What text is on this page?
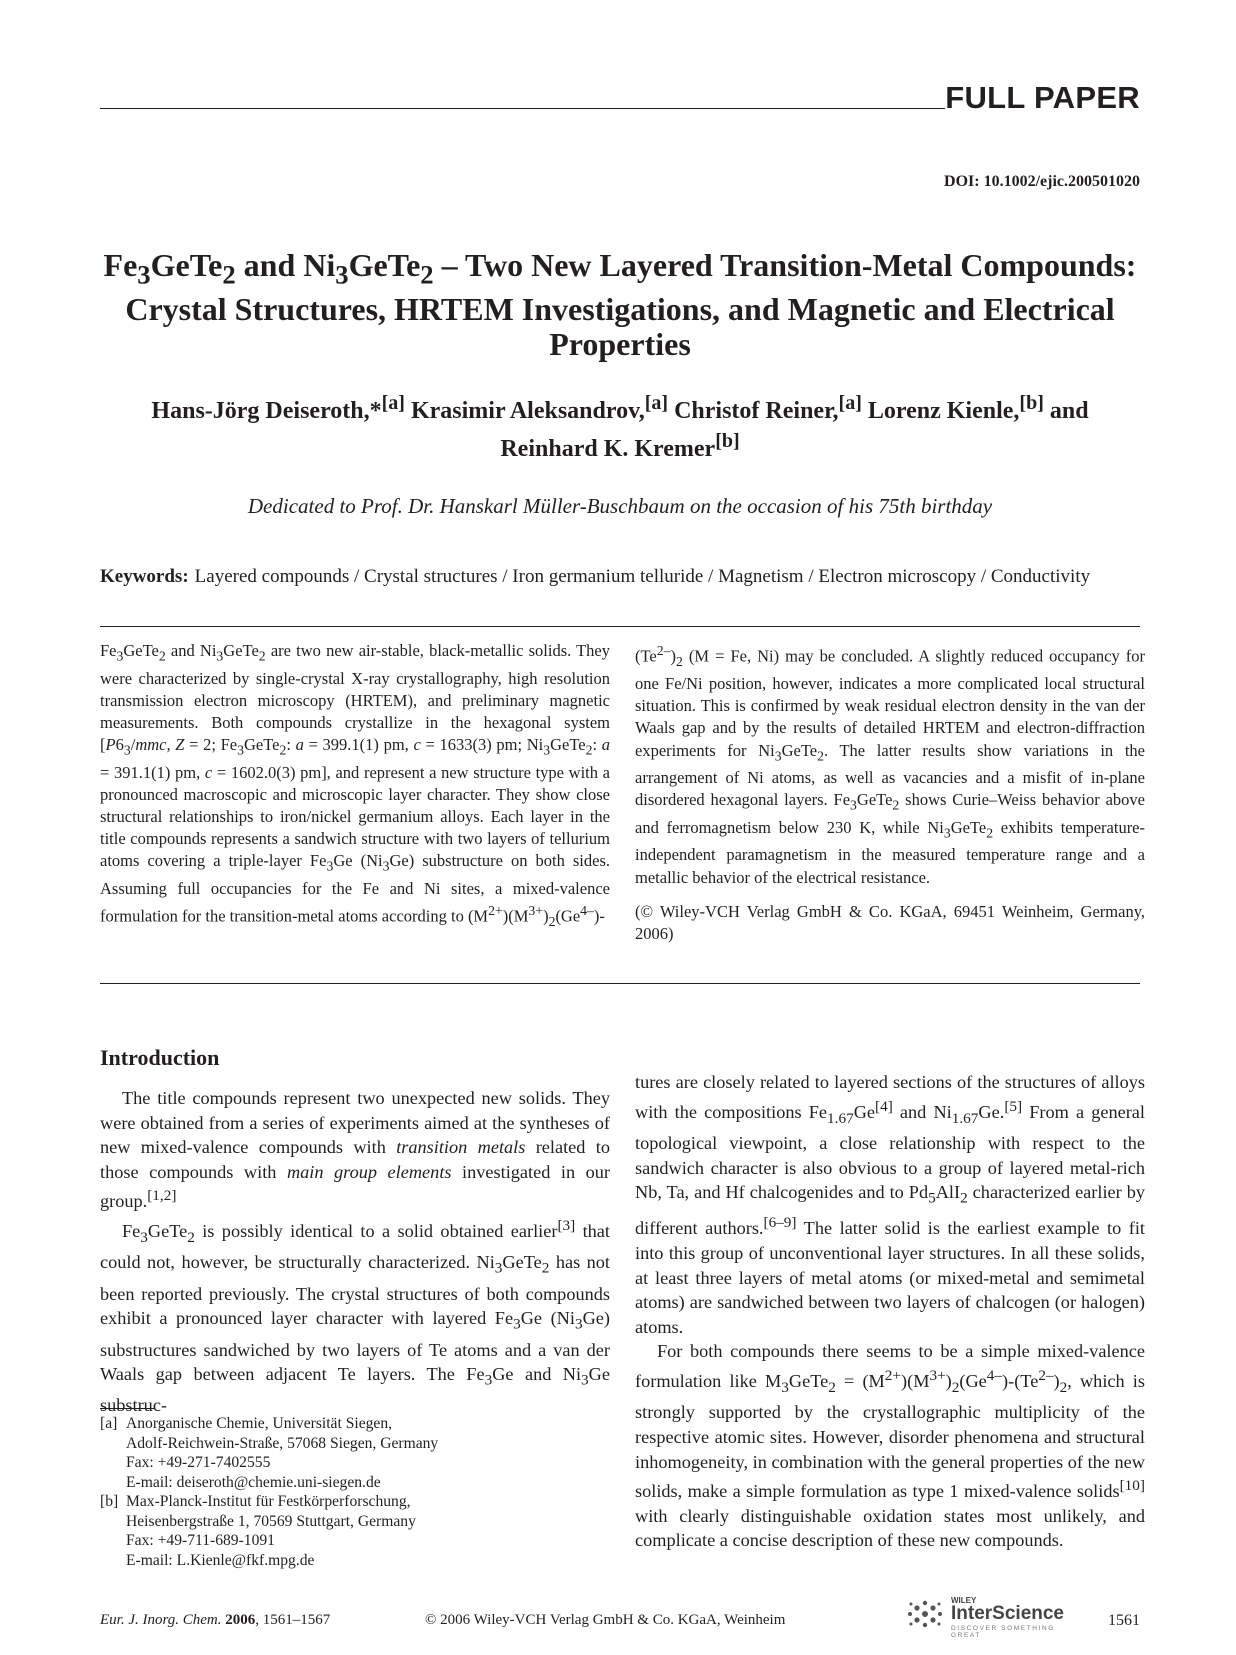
FULL PAPER
DOI: 10.1002/ejic.200501020
$Fe_3GeTe_2$ and $Ni_3GeTe_2$ – Two New Layered Transition-Metal Compounds: Crystal Structures, HRTEM Investigations, and Magnetic and Electrical Properties
Hans-Jörg Deiseroth,*[a] Krasimir Aleksandrov,[a] Christof Reiner,[a] Lorenz Kienle,[b] and
Reinhard K. Kremer[b]
Dedicated to Prof. Dr. Hanskarl Müller-Buschbaum on the occasion of his 75th birthday
Keywords: Layered compounds / Crystal structures / Iron germanium telluride / Magnetism / Electron microscopy / Conductivity
$Fe_3GeTe_2$ and $Ni_3GeTe_2$ are two new air-stable, black-metallic solids. They were characterized by single-crystal X-ray crystallography, high resolution transmission electron microscopy (HRTEM), and preliminary magnetic measurements. Both compounds crystallize in the hexagonal system [$P6_3$/mmc, Z = 2; $Fe_3GeTe_2$: a = 399.1(1) pm, c = 1633(3) pm; $Ni_3GeTe_2$: a = 391.1(1) pm, c = 1602.0(3) pm], and represent a new structure type with a pronounced macroscopic and microscopic layer character. They show close structural relationships to iron/nickel germanium alloys. Each layer in the title compounds represents a sandwich structure with two layers of tellurium atoms covering a triple-layer $Fe_3Ge$ $(Ni_3Ge)$ substructure on both sides. Assuming full occupancies for the Fe and Ni sites, a mixed-valence formulation for the transition-metal atoms according to $(M^{2+})(M^{3+})_2(Ge^{4-})-$

$(Te^{2-})_2$ (M = Fe, Ni) may be concluded. A slightly reduced occupancy for one Fe/Ni position, however, indicates a more complicated local structural situation. This is confirmed by weak residual electron density in the van der Waals gap and by the results of detailed HRTEM and electron-diffraction experiments for $Ni_3GeTe_2$. The latter results show variations in the arrangement of Ni atoms, as well as vacancies and a misfit of in-plane disordered hexagonal layers. $Fe_3GeTe_2$ shows Curie–Weiss behavior above and ferromagnetism below 230 K, while $Ni_3GeTe_2$ exhibits temperature-independent paramagnetism in the measured temperature range and a metallic behavior of the electrical resistance.

(© Wiley-VCH Verlag GmbH & Co. KGaA, 69451 Weinheim, Germany, 2006)

Introduction

The title compounds represent two unexpected new solids. They were obtained from a series of experiments aimed at the syntheses of new mixed-valence compounds with transition metals related to those compounds with main group elements investigated in our group.[1,2]

$Fe_3GeTe_2$ is possibly identical to a solid obtained earlier[3] that could not, however, be structurally characterized. $Ni_3GeTe_2$ has not been reported previously. The crystal structures of both compounds exhibit a pronounced layer character with layered $Fe_3Ge$ $(Ni_3Ge)$ substructures sandwiched by two layers of Te atoms and a van der Waals gap between adjacent Te layers. The $Fe_3Ge$ and $Ni_3Ge$ substruc-

tures are closely related to layered sections of the structures of alloys with the compositions $Fe_{1.67}Ge[4]$ and $Ni_{1.67}Ge.[5]$ From a general topological viewpoint, a close relationship with respect to the sandwich character is also obvious to a group of layered metal-rich Nb, Ta, and Hf chalcogenides and to $Pd_5AlI_2$ characterized earlier by different authors.[6–9] The latter solid is the earliest example to fit into this group of unconventional layer structures. In all these solids, at least three layers of metal atoms (or mixed-metal and semimetal atoms) are sandwiched between two layers of chalcogen (or halogen) atoms.

For both compounds there seems to be a simple mixed-valence formulation like $M_3GeTe_2 = (M^{2+})(M^{3+})_2(Ge^{4-})-(Te^{2-})_2$, which is strongly supported by the crystallographic multiplicity of the respective atomic sites. However, disorder phenomena and structural inhomogeneity, in combination with the general properties of the new solids, make a simple formulation as type 1 mixed-valence solids[10] with clearly distinguishable oxidation states most unlikely, and complicate a concise description of these new compounds.

[a] Anorganische Chemie, Universität Siegen,
Adolf-Reichwein-Straße, 57068 Siegen, Germany
Fax: +49-271-7402555
E-mail: deiseroth@chemie.uni-siegen.de
[b] Max-Planck-Institut für Festkörperforschung,
Heisenbergstraße 1, 70569 Stuttgart, Germany
Fax: +49-711-689-1091
E-mail: L.Kienle@fkf.mpg.de
Eur. J. Inorg. Chem. 2006, 1561–1567	© 2006 Wiley-VCH Verlag GmbH & Co. KGaA, Weinheim
WILEY
InterScience
DISCOVER SOMETHING GREAT
1561
